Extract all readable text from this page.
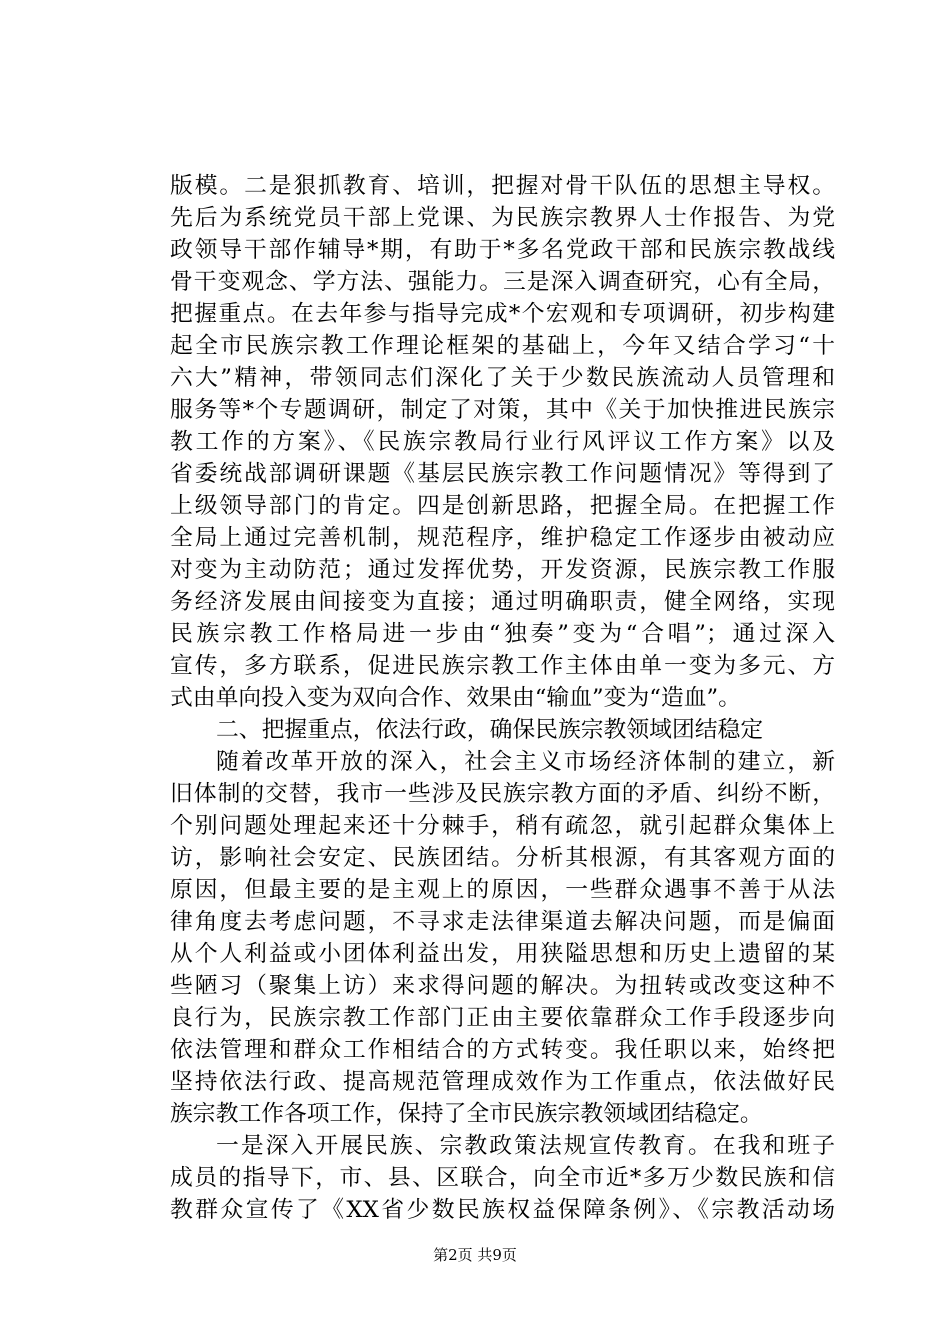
版模。二是狠抓教育、培训，把握对骨干队伍的思想主导权。
先后为系统党员干部上党课、为民族宗教界人士作报告、为党
政领导干部作辅导*期，有助于*多名党政干部和民族宗教战线
骨干变观念、学方法、强能力。三是深入调查研究，心有全局，
把握重点。在去年参与指导完成*个宏观和专项调研，初步构建
起全市民族宗教工作理论框架的基础上，今年又结合学习“十
六大”精神，带领同志们深化了关于少数民族流动人员管理和
服务等*个专题调研，制定了对策，其中《关于加快推进民族宗
教工作的方案》、《民族宗教局行业行风评议工作方案》以及
省委统战部调研课题《基层民族宗教工作问题情况》等得到了
上级领导部门的肯定。四是创新思路，把握全局。在把握工作
全局上通过完善机制，规范程序，维护稳定工作逐步由被动应
对变为主动防范；通过发挥优势，开发资源，民族宗教工作服
务经济发展由间接变为直接；通过明确职责，健全网络，实现
民族宗教工作格局进一步由“独奏”变为“合唱”；通过深入
宣传，多方联系，促进民族宗教工作主体由单一变为多元、方
式由单向投入变为双向合作、效果由“输血”变为“造血”。
二、把握重点，依法行政，确保民族宗教领域团结稳定
随着改革开放的深入，社会主义市场经济体制的建立，新
旧体制的交替，我市一些涉及民族宗教方面的矛盾、纠纷不断，
个别问题处理起来还十分棘手，稍有疏忽，就引起群众集体上
访，影响社会安定、民族团结。分析其根源，有其客观方面的
原因，但最主要的是主观上的原因，一些群众遇事不善于从法
律角度去考虑问题，不寻求走法律渠道去解决问题，而是偏面
从个人利益或小团体利益出发，用狭隘思想和历史上遗留的某
些陋习（聚集上访）来求得问题的解决。为扭转或改变这种不
良行为，民族宗教工作部门正由主要依靠群众工作手段逐步向
依法管理和群众工作相结合的方式转变。我任职以来，始终把
坚持依法行政、提高规范管理成效作为工作重点，依法做好民
族宗教工作各项工作，保持了全市民族宗教领域团结稳定。
一是深入开展民族、宗教政策法规宣传教育。在我和班子
成员的指导下，市、县、区联合，向全市近*多万少数民族和信
教群众宣传了《XX省少数民族权益保障条例》、《宗教活动场
第2页 共9页
